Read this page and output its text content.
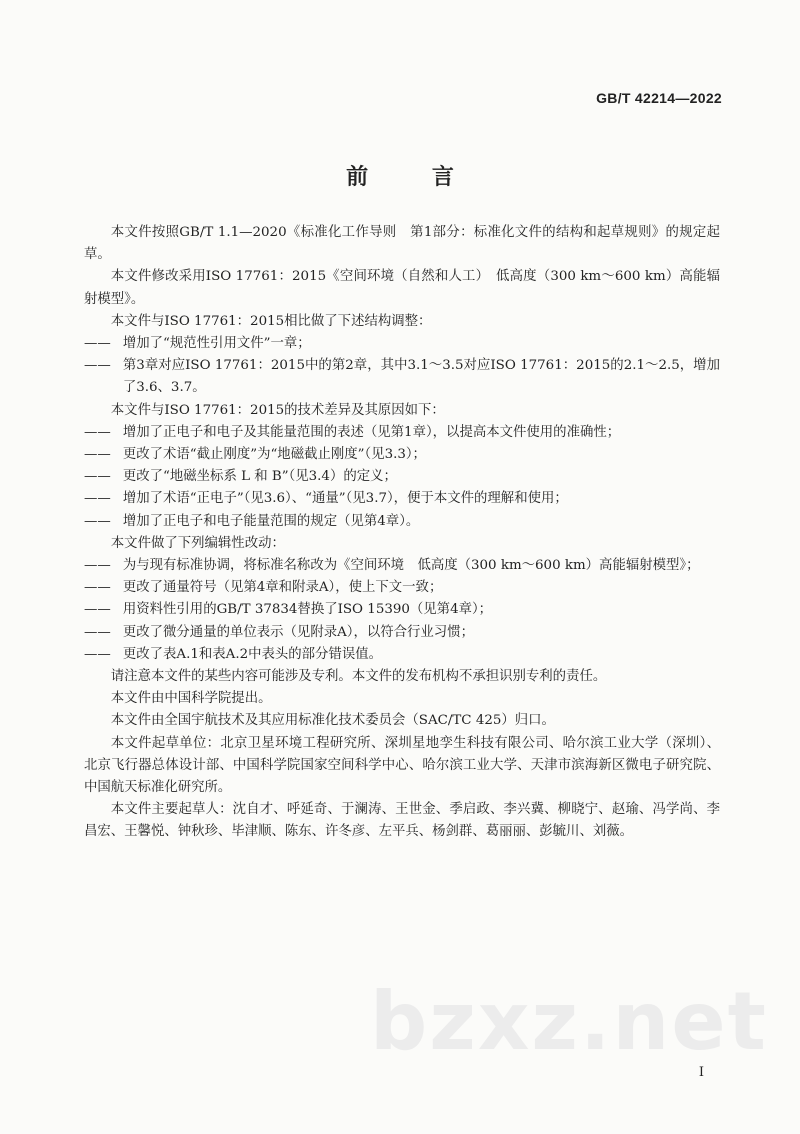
GB/T 42214—2022
前 言

本文件按照GB/T 1.1—2020《标准化工作导则　第1部分：标准化文件的结构和起草规则》的规定起草。

本文件修改采用ISO 17761：2015《空间环境（自然和人工）　低高度（300 km～600 km）高能辐射模型》。

本文件与ISO 17761：2015相比做了下述结构调整：

—— 增加了“规范性引用文件”一章；

—— 第3章对应ISO 17761：2015中的第2章，其中3.1～3.5对应ISO 17761：2015的2.1～2.5，增加了3.6、3.7。

本文件与ISO 17761：2015的技术差异及其原因如下：

—— 增加了正电子和电子及其能量范围的表述（见第1章），以提高本文件使用的准确性；

—— 更改了术语“截止刚度”为“地磁截止刚度”（见3.3）；

—— 更改了“地磁坐标系 L 和 B”（见3.4）的定义；

—— 增加了术语“正电子”（见3.6）、“通量”（见3.7），便于本文件的理解和使用；

—— 增加了正电子和电子能量范围的规定（见第4章）。

本文件做了下列编辑性改动：

—— 为与现有标准协调，将标准名称改为《空间环境　低高度（300 km～600 km）高能辐射模型》；

—— 更改了通量符号（见第4章和附录A），使上下文一致；

—— 用资料性引用的GB/T 37834替换了ISO 15390（见第4章）；

—— 更改了微分通量的单位表示（见附录A），以符合行业习惯；

—— 更改了表A.1和表A.2中表头的部分错误值。

请注意本文件的某些内容可能涉及专利。本文件的发布机构不承担识别专利的责任。

本文件由中国科学院提出。

本文件由全国宇航技术及其应用标准化技术委员会（SAC/TC 425）归口。

本文件起草单位：北京卫星环境工程研究所、深圳星地孪生科技有限公司、哈尔滨工业大学（深圳）、北京飞行器总体设计部、中国科学院国家空间科学中心、哈尔滨工业大学、天津市滨海新区微电子研究院、中国航天标准化研究所。

本文件主要起草人：沈自才、呼延奇、于澜涛、王世金、季启政、李兴冀、柳晓宁、赵瑜、冯学尚、李昌宏、王馨悦、钟秋珍、毕津顺、陈东、许冬彦、左平兵、杨剑群、葛丽丽、彭毓川、刘薇。

bzxz.net
I
